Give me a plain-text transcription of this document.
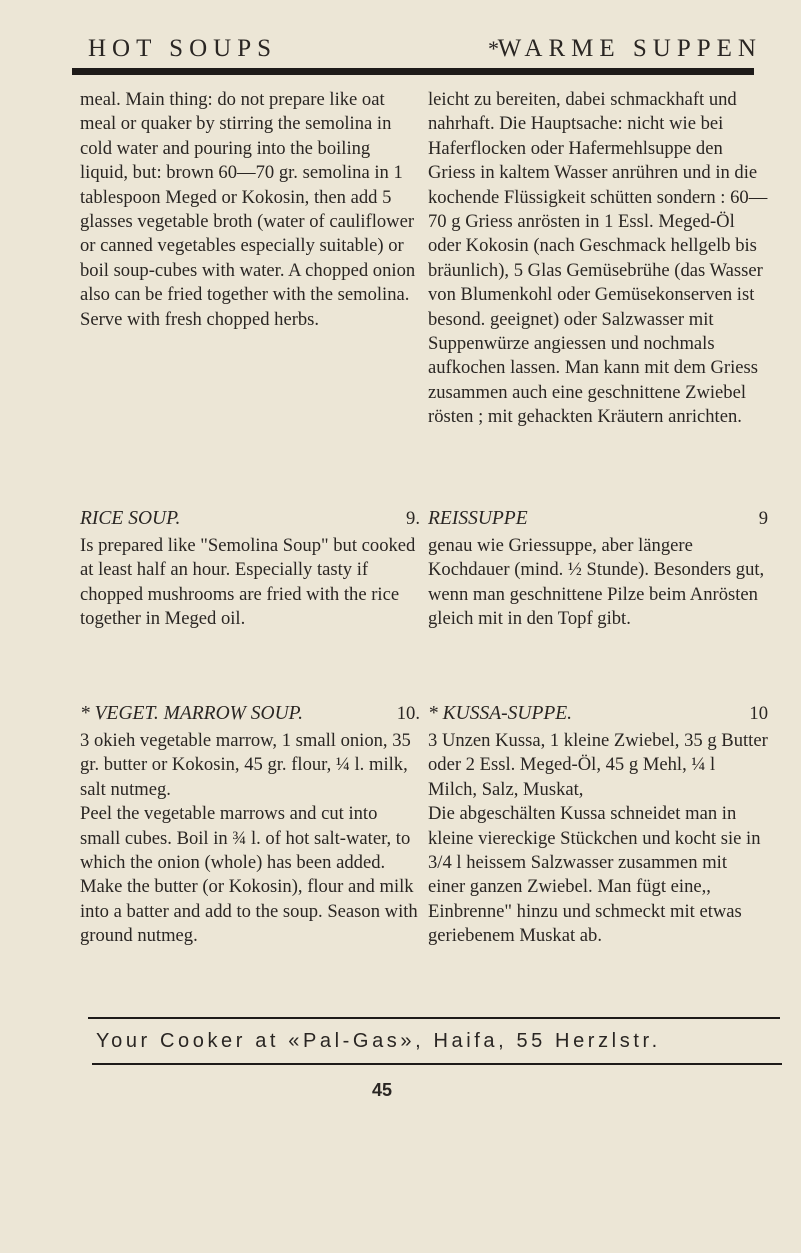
HOT SOUPS	*
WARME SUPPEN

meal. Main thing: do not prepare like oat meal or quaker by stirring the semolina in cold water and pouring into the boiling liquid, but: brown 60—70 gr. semolina in 1 tablespoon Meged or Kokosin, then add 5 glasses vegetable broth (water of cauliflower or canned vegetables especially suitable) or boil soup-cubes with water. A chopped onion also can be fried together with the semolina. Serve with fresh chopped herbs.

RICE SOUP.	9.

Is prepared like "Semolina Soup" but cooked at least half an hour. Especially tasty if chopped mushrooms are fried with the rice together in Meged oil.

* VEGET. MARROW SOUP.	10.

3 okieh vegetable marrow, 1 small onion, 35 gr. butter or Kokosin, 45 gr. flour, ¼ l. milk, salt nutmeg.

Peel the vegetable marrows and cut into small cubes. Boil in ¾ l. of hot salt-water, to which the onion (whole) has been added. Make the butter (or Kokosin), flour and milk into a batter and add to the soup. Season with ground nutmeg.

leicht zu bereiten, dabei schmackhaft und nahrhaft. Die Hauptsache: nicht wie bei Haferflocken oder Hafermehlsuppe den Griess in kaltem Wasser anrühren und in die kochende Flüssigkeit schütten sondern : 60—70 g Griess anrösten in 1 Essl. Meged-Öl oder Kokosin (nach Geschmack hellgelb bis bräunlich), 5 Glas Gemüsebrühe (das Wasser von Blumenkohl oder Gemüsekonserven ist besond. geeignet) oder Salzwasser mit Suppenwürze angiessen und nochmals aufkochen lassen. Man kann mit dem Griess zusammen auch eine geschnittene Zwiebel rösten ; mit gehackten Kräutern anrichten.

REISSUPPE	9

genau wie Griessuppe, aber längere Kochdauer (mind. ½ Stunde). Besonders gut, wenn man geschnittene Pilze beim Anrösten gleich mit in den Topf gibt.

* KUSSA-SUPPE.	10

3 Unzen Kussa, 1 kleine Zwiebel, 35 g Butter oder 2 Essl. Meged-Öl, 45 g Mehl, ¼ l Milch, Salz, Muskat,

Die abgeschälten Kussa schneidet man in kleine viereckige Stückchen und kocht sie in 3/4 l heissem Salzwasser zusammen mit einer ganzen Zwiebel. Man fügt eine,, Einbrenne" hinzu und schmeckt mit etwas geriebenem Muskat ab.

Your Cooker at «Pal-Gas», Haifa, 55 Herzlstr.
45
